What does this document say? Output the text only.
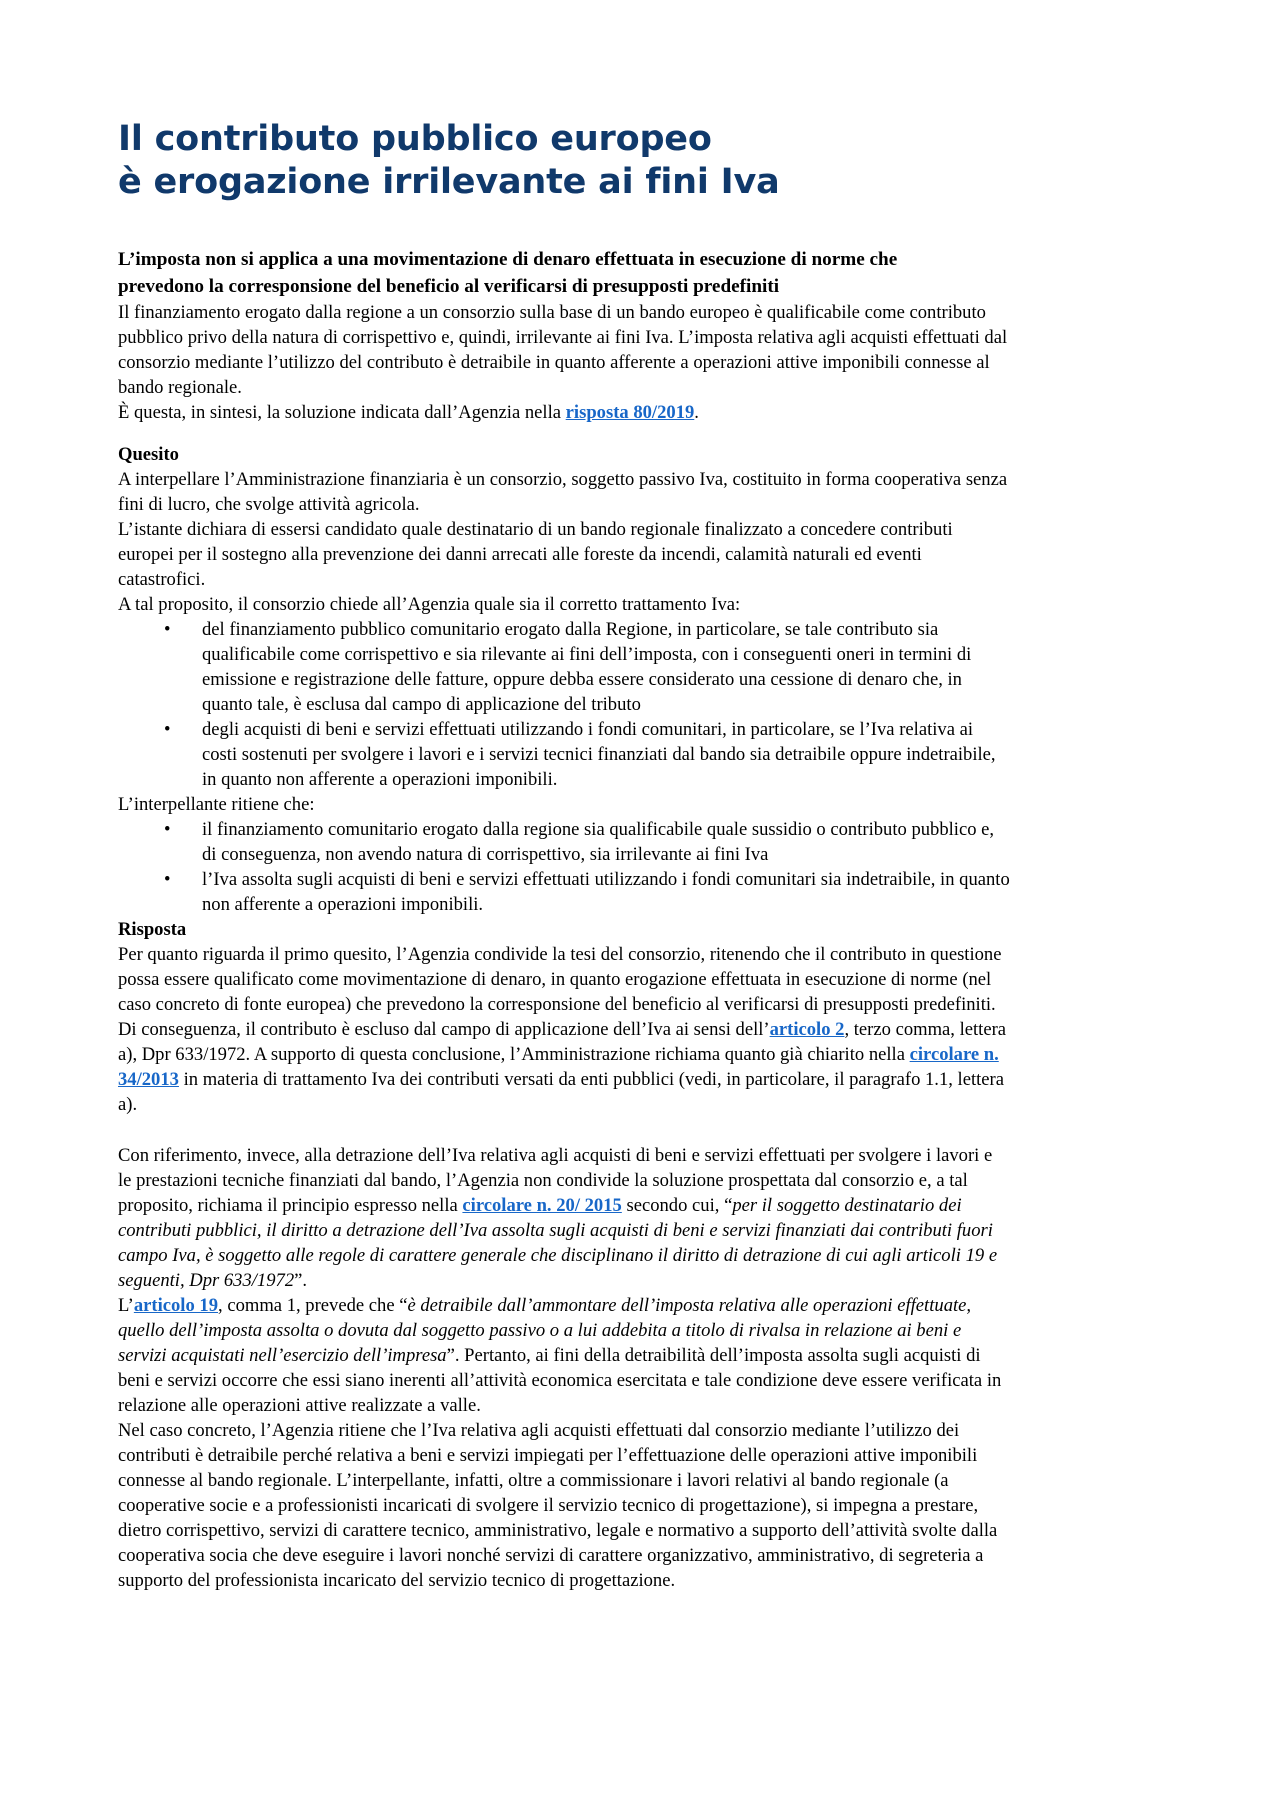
Il contributo pubblico europeo
è erogazione irrilevante ai fini Iva

L’imposta non si applica a una movimentazione di denaro effettuata in esecuzione di norme che

prevedono la corresponsione del beneficio al verificarsi di presupposti predefiniti

Il finanziamento erogato dalla regione a un consorzio sulla base di un bando europeo è qualificabile come contributo pubblico privo della natura di corrispettivo e, quindi, irrilevante ai fini Iva. L’imposta relativa agli acquisti effettuati dal consorzio mediante l’utilizzo del contributo è detraibile in quanto afferente a operazioni attive imponibili connesse al bando regionale.

È questa, in sintesi, la soluzione indicata dall’Agenzia nella risposta 80/2019.

Quesito

A interpellare l’Amministrazione finanziaria è un consorzio, soggetto passivo Iva, costituito in forma cooperativa senza fini di lucro, che svolge attività agricola.

L’istante dichiara di essersi candidato quale destinatario di un bando regionale finalizzato a concedere contributi europei per il sostegno alla prevenzione dei danni arrecati alle foreste da incendi, calamità naturali ed eventi catastrofici.

A tal proposito, il consorzio chiede all’Agenzia quale sia il corretto trattamento Iva:

• del finanziamento pubblico comunitario erogato dalla Regione, in particolare, se tale contributo sia qualificabile come corrispettivo e sia rilevante ai fini dell’imposta, con i conseguenti oneri in termini di emissione e registrazione delle fatture, oppure debba essere considerato una cessione di denaro che, in quanto tale, è esclusa dal campo di applicazione del tributo
• degli acquisti di beni e servizi effettuati utilizzando i fondi comunitari, in particolare, se l’Iva relativa ai costi sostenuti per svolgere i lavori e i servizi tecnici finanziati dal bando sia detraibile oppure indetraibile, in quanto non afferente a operazioni imponibili.

L’interpellante ritiene che:

• il finanziamento comunitario erogato dalla regione sia qualificabile quale sussidio o contributo pubblico e, di conseguenza, non avendo natura di corrispettivo, sia irrilevante ai fini Iva
• l’Iva assolta sugli acquisti di beni e servizi effettuati utilizzando i fondi comunitari sia indetraibile, in quanto non afferente a operazioni imponibili.

Risposta

Per quanto riguarda il primo quesito, l’Agenzia condivide la tesi del consorzio, ritenendo che il contributo in questione possa essere qualificato come movimentazione di denaro, in quanto erogazione effettuata in esecuzione di norme (nel caso concreto di fonte europea) che prevedono la corresponsione del beneficio al verificarsi di presupposti predefiniti. Di conseguenza, il contributo è escluso dal campo di applicazione dell’Iva ai sensi dell’articolo 2, terzo comma, lettera a), Dpr 633/1972. A supporto di questa conclusione, l’Amministrazione richiama quanto già chiarito nella circolare n. 34/2013 in materia di trattamento Iva dei contributi versati da enti pubblici (vedi, in particolare, il paragrafo 1.1, lettera a).

Con riferimento, invece, alla detrazione dell’Iva relativa agli acquisti di beni e servizi effettuati per svolgere i lavori e le prestazioni tecniche finanziati dal bando, l’Agenzia non condivide la soluzione prospettata dal consorzio e, a tal proposito, richiama il principio espresso nella circolare n. 20/ 2015 secondo cui, “per il soggetto destinatario dei contributi pubblici, il diritto a detrazione dell’Iva assolta sugli acquisti di beni e servizi finanziati dai contributi fuori campo Iva, è soggetto alle regole di carattere generale che disciplinano il diritto di detrazione di cui agli articoli 19 e seguenti, Dpr 633/1972”.

L’articolo 19, comma 1, prevede che “è detraibile dall’ammontare dell’imposta relativa alle operazioni effettuate, quello dell’imposta assolta o dovuta dal soggetto passivo o a lui addebita a titolo di rivalsa in relazione ai beni e servizi acquistati nell’esercizio dell’impresa”. Pertanto, ai fini della detraibilità dell’imposta assolta sugli acquisti di beni e servizi occorre che essi siano inerenti all’attività economica esercitata e tale condizione deve essere verificata in relazione alle operazioni attive realizzate a valle.

Nel caso concreto, l’Agenzia ritiene che l’Iva relativa agli acquisti effettuati dal consorzio mediante l’utilizzo dei contributi è detraibile perché relativa a beni e servizi impiegati per l’effettuazione delle operazioni attive imponibili connesse al bando regionale. L’interpellante, infatti, oltre a commissionare i lavori relativi al bando regionale (a cooperative socie e a professionisti incaricati di svolgere il servizio tecnico di progettazione), si impegna a prestare, dietro corrispettivo, servizi di carattere tecnico, amministrativo, legale e normativo a supporto dell’attività svolte dalla cooperativa socia che deve eseguire i lavori nonché servizi di carattere organizzativo, amministrativo, di segreteria a supporto del professionista incaricato del servizio tecnico di progettazione.
